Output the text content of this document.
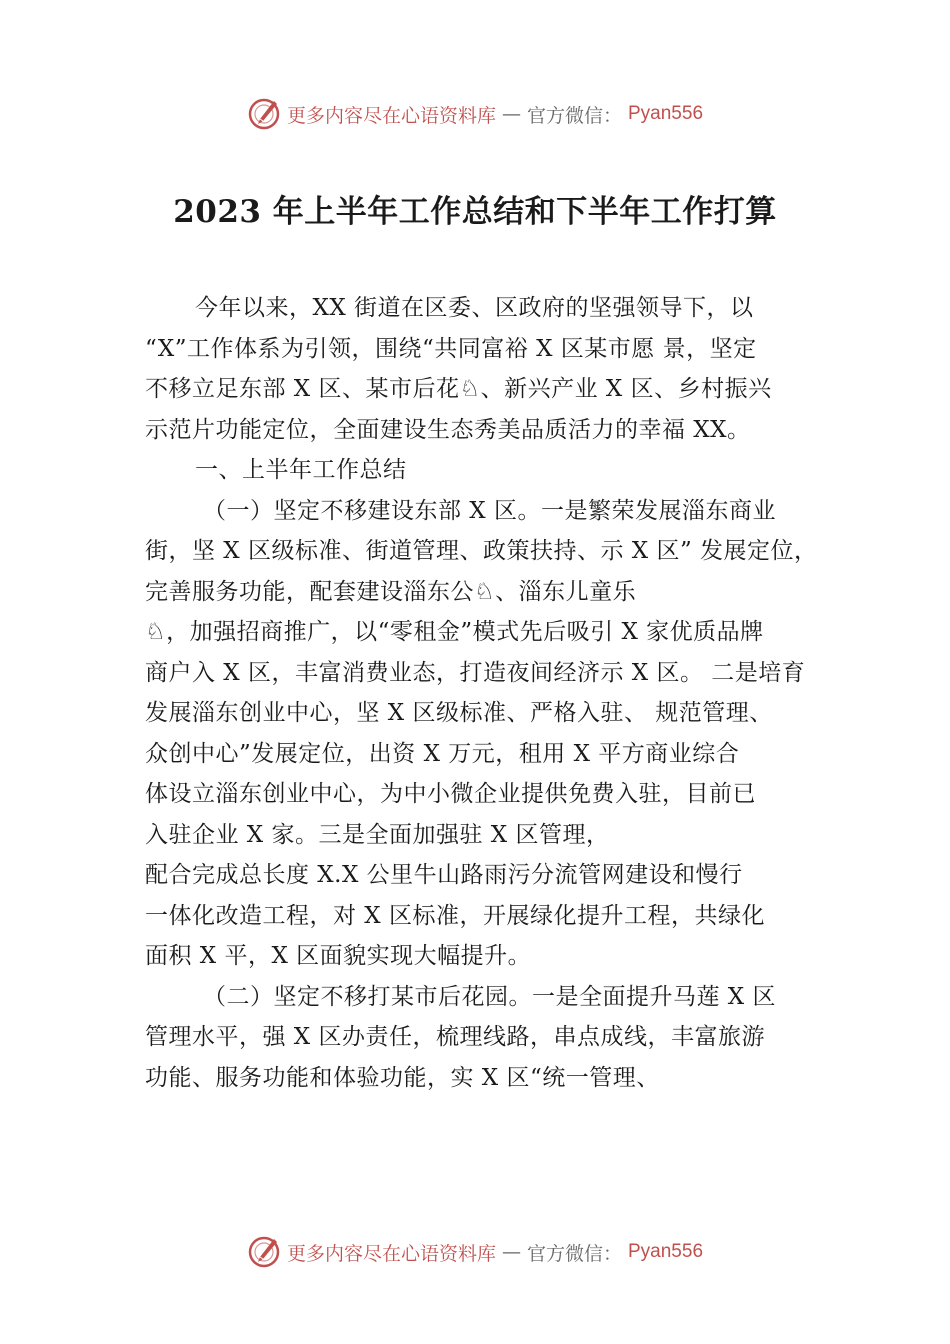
更多内容尽在心语资料库 — 官方微信： Pyan556
2023 年上半年工作总结和下半年工作打算
今年以来，XX 街道在区委、区政府的坚强领导下，以
“X”工作体系为引领，围绕“共同富裕 X 区某市愿 景，坚定
不移立足东部 X 区、某市后花♘、新兴产业 X 区、乡村振兴
示范片功能定位，全面建设生态秀美品质活力的幸福 XX。
一、上半年工作总结
（一）坚定不移建设东部 X 区。一是繁荣发展淄东商业
街，坚 X 区级标准、街道管理、政策扶持、示 X 区” 发展定位，
完善服务功能，配套建设淄东公♘、淄东儿童乐
♘，加强招商推广，以“零租金”模式先后吸引 X 家优质品牌
商户入 X 区，丰富消费业态，打造夜间经济示 X 区。 二是培育
发展淄东创业中心，坚 X 区级标准、严格入驻、 规范管理、
众创中心”发展定位，出资 X 万元，租用 X 平方商业综合
体设立淄东创业中心，为中小微企业提供免费入驻，目前已
入驻企业 X 家。三是全面加强驻 X 区管理，
配合完成总长度 X.X 公里牛山路雨污分流管网建设和慢行
一体化改造工程，对 X 区标准，开展绿化提升工程，共绿化
面积 X 平，X 区面貌实现大幅提升。
（二）坚定不移打某市后花园。一是全面提升马莲 X 区
管理水平，强 X 区办责任，梳理线路，串点成线，丰富旅游
功能、服务功能和体验功能，实 X 区“统一管理、
更多内容尽在心语资料库 — 官方微信： Pyan556
